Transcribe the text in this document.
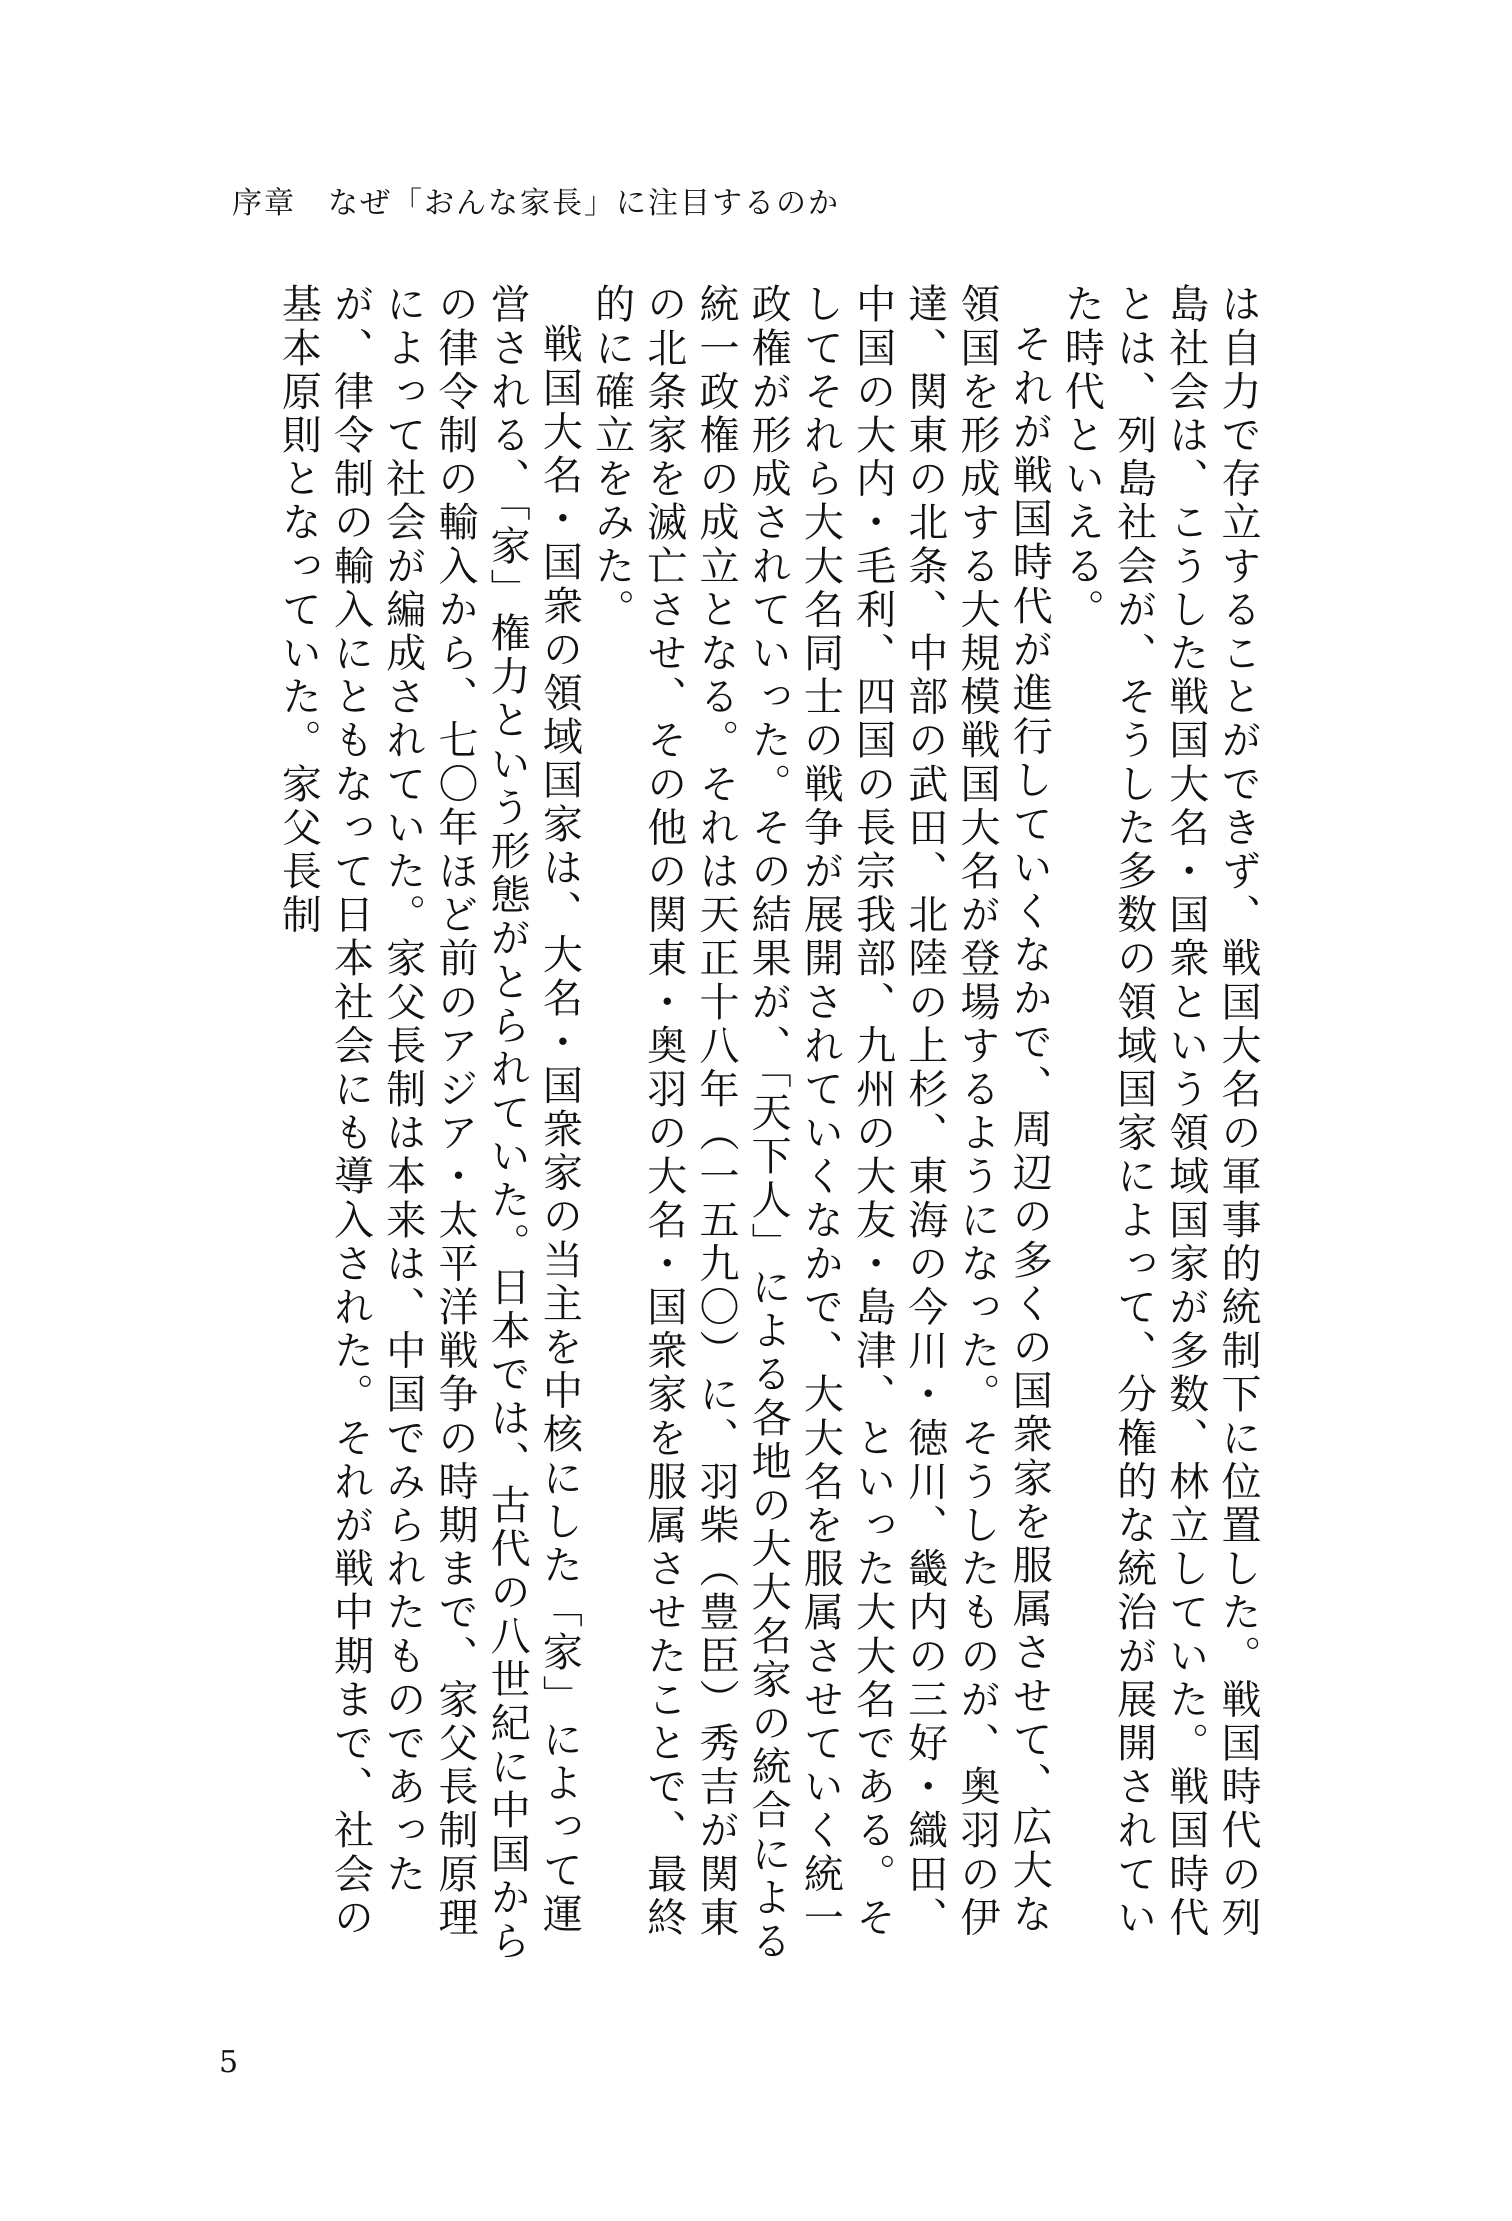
序章　なぜ「おんな家長」に注目するのか

は自力で存立することができず、戦国大名の軍事的統制下に位置した。戦国時代の列島社会は、こうした戦国大名・国衆という領域国家が多数、林立していた。戦国時代とは、列島社会が、そうした多数の領域国家によって、分権的な統治が展開されていた時代といえる。

それが戦国時代が進行していくなかで、周辺の多くの国衆家を服属させて、広大な領国を形成する大規模戦国大名が登場するようになった。そうしたものが、奥羽の伊達、関東の北条、中部の武田、北陸の上杉、東海の今川・徳川、畿内の三好・織田、中国の大内・毛利、四国の長宗我部、九州の大友・島津、といった大大名である。そしてそれら大大名同士の戦争が展開されていくなかで、大大名を服属させていく統一政権が形成されていった。その結果が、「天下人」による各地の大大名家の統合による統一政権の成立となる。それは天正十八年（一五九〇）に、羽柴（豊臣）秀吉が関東の北条家を滅亡させ、その他の関東・奥羽の大名・国衆家を服属させたことで、最終的に確立をみた。

戦国大名・国衆の領域国家は、大名・国衆家の当主を中核にした「家」によって運営される、「家」権力という形態がとられていた。日本では、古代の八世紀に中国からの律令制の輸入から、七〇年ほど前のアジア・太平洋戦争の時期まで、家父長制原理によって社会が編成されていた。家父長制は本来は、中国でみられたものであったが、律令制の輸入にともなって日本社会にも導入された。それが戦中期まで、社会の基本原則となっていた。家父長制

5
